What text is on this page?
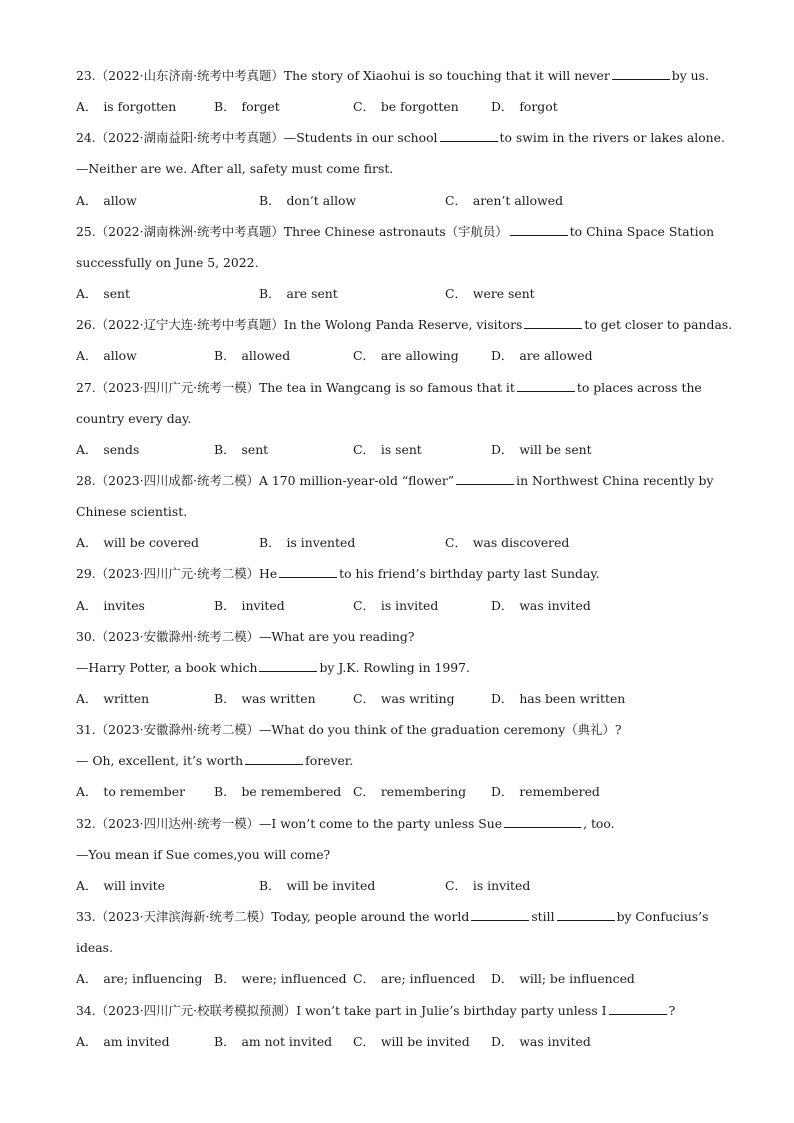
23.（2022·山东济南·统考中考真题）The story of Xiaohui is so touching that it will never	by us.
A． is forgotten	B． forget	C． be forgotten	D． forgot
24.（2022·湖南益阳·统考中考真题）—Students in our school	to swim in the rivers or lakes alone.
—Neither are we. After all, safety must come first.
A． allow	B． don’t allow	C． aren’t allowed
25.（2022·湖南株洲·统考中考真题）Three Chinese astronauts（宇航员）	to China Space Station
successfully on June 5, 2022.
A． sent	B． are sent	C． were sent
26.（2022·辽宁大连·统考中考真题）In the Wolong Panda Reserve, visitors	to get closer to pandas.
A． allow	B． allowed	C． are allowing	D． are allowed
27.（2023·四川广元·统考一模）The tea in Wangcang is so famous that it	to places across the
country every day.
A． sends	B． sent	C． is sent	D． will be sent
28.（2023·四川成都·统考二模）A 170 million-year-old “flower”	in Northwest China recently by
Chinese scientist.
A． will be covered	B． is invented	C． was discovered
29.（2023·四川广元·统考二模）He	to his friend’s birthday party last Sunday.
A． invites	B． invited	C． is invited	D． was invited
30.（2023·安徽滁州·统考二模）—What are you reading?
—Harry Potter, a book which	by J.K. Rowling in 1997.
A． written	B． was written	C． was writing	D． has been written
31.（2023·安徽滁州·统考二模）—What do you think of the graduation ceremony（典礼）?
— Oh, excellent, it’s worth	forever.
A． to remember B． be remembered C． remembering D． remembered
32.（2023·四川达州·统考一模）—I won’t come to the party unless Sue	, too.
—You mean if Sue comes,you will come?
A． will invite	B． will be invited	C． is invited
33.（2023·天津滨海新·统考二模）Today, people around the world	still	by Confucius’s
ideas.
A． are; influencing B． were; influenced C． are; influenced D． will; be influenced
34.（2023·四川广元·校联考模拟预测）I won’t take part in Julie’s birthday party unless I	?
A． am invited	B． am not invited C． will be invited D． was invited
